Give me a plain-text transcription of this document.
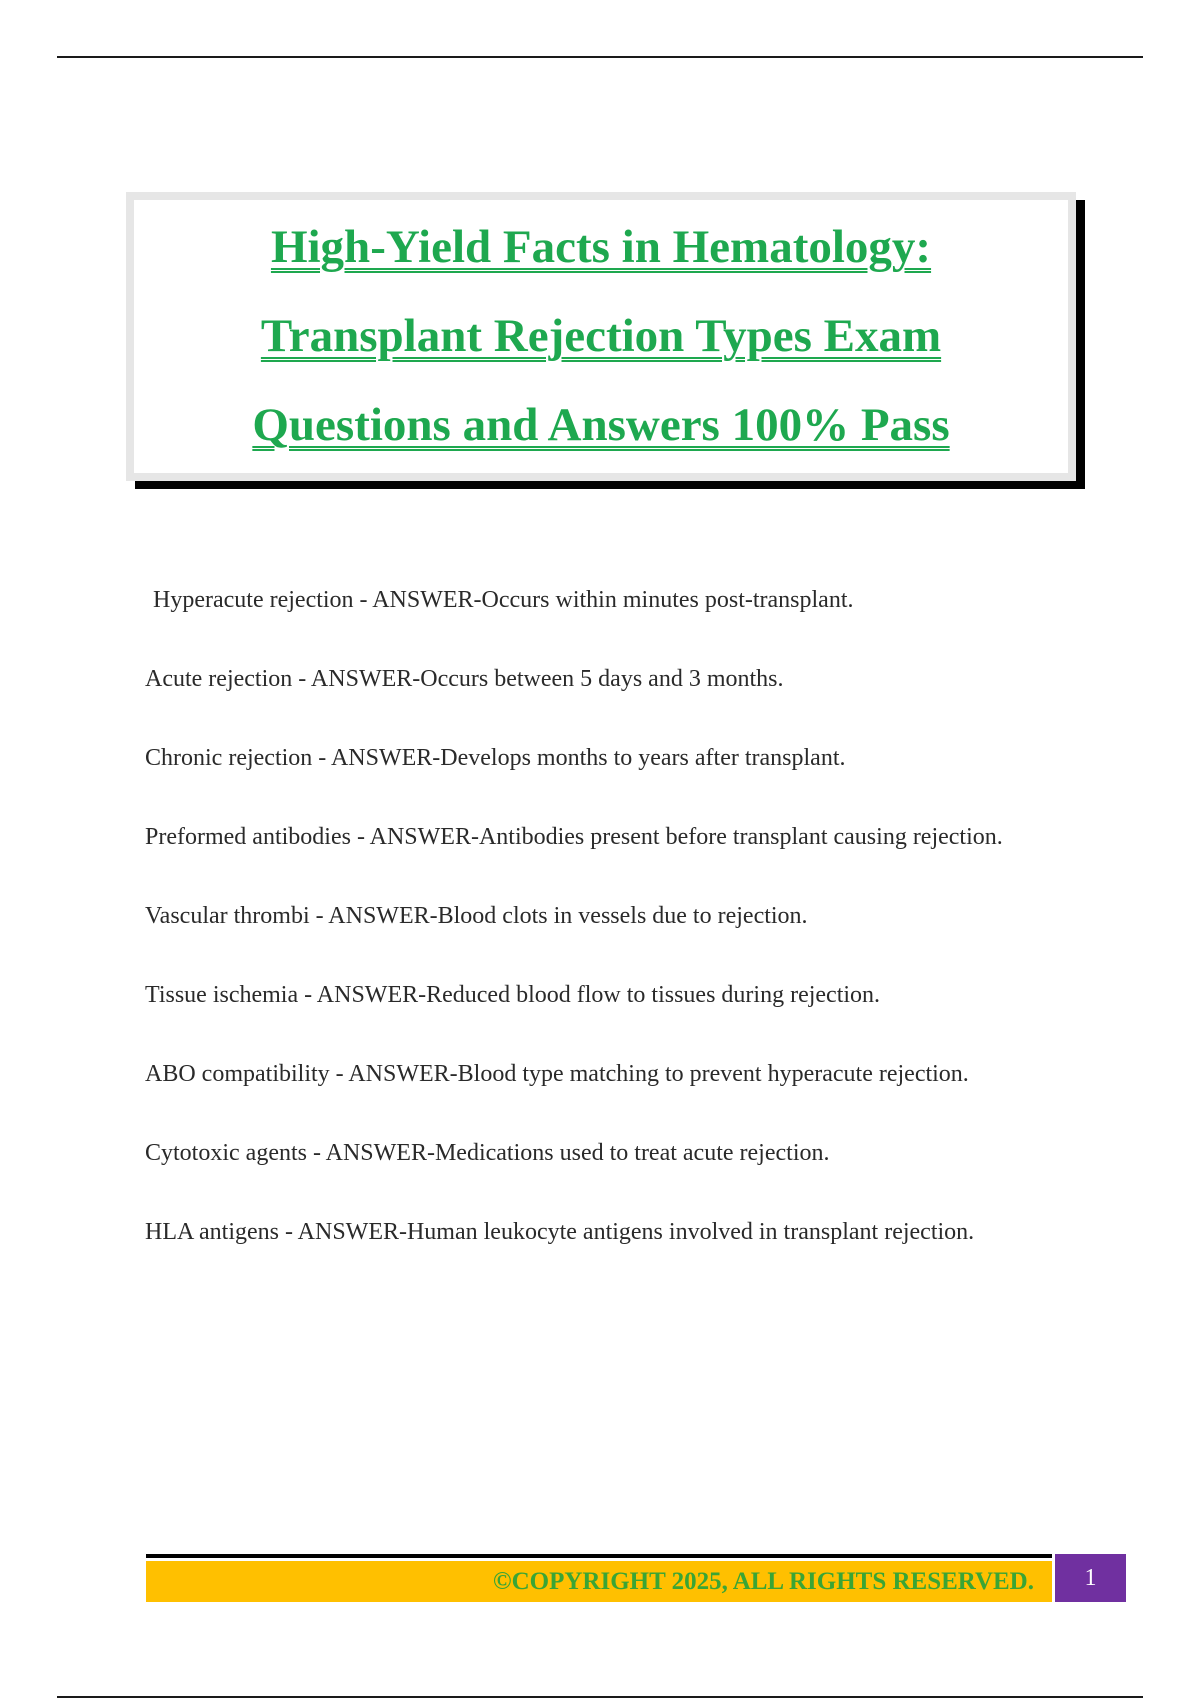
High-Yield Facts in Hematology:
Transplant Rejection Types Exam
Questions and Answers 100% Pass
Hyperacute rejection - ANSWER-Occurs within minutes post-transplant.
Acute rejection - ANSWER-Occurs between 5 days and 3 months.
Chronic rejection - ANSWER-Develops months to years after transplant.
Preformed antibodies - ANSWER-Antibodies present before transplant causing rejection.
Vascular thrombi - ANSWER-Blood clots in vessels due to rejection.
Tissue ischemia - ANSWER-Reduced blood flow to tissues during rejection.
ABO compatibility - ANSWER-Blood type matching to prevent hyperacute rejection.
Cytotoxic agents - ANSWER-Medications used to treat acute rejection.
HLA antigens - ANSWER-Human leukocyte antigens involved in transplant rejection.
©COPYRIGHT 2025, ALL RIGHTS RESERVED.	1
